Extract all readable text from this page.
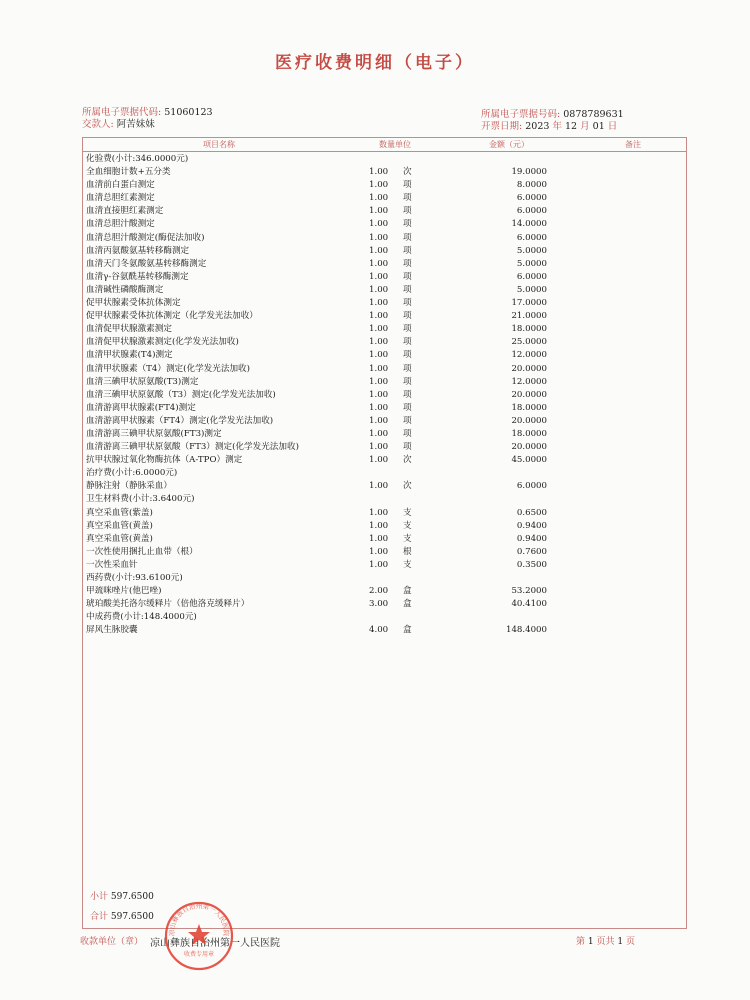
医疗收费明细（电子）
所属电子票据代码: 51060123
交款人: 阿苦妹妹
所属电子票据号码: 0878789631
开票日期: 2023 年 12 月 01 日
项目名称	数量单位	金额（元）	备注
化验费(小计:346.0000元)
全血细胞计数+五分类	1.00 次	19.0000
血清前白蛋白测定	1.00 项	8.0000
血清总胆红素测定	1.00 项	6.0000
血清直接胆红素测定	1.00 项	6.0000
血清总胆汁酸测定	1.00 项	14.0000
血清总胆汁酸测定(酶促法加收)	1.00 项	6.0000
血清丙氨酸氨基转移酶测定	1.00 项	5.0000
血清天门冬氨酸氨基转移酶测定	1.00 项	5.0000
血清γ-谷氨酰基转移酶测定	1.00 项	6.0000
血清碱性磷酸酶测定	1.00 项	5.0000
促甲状腺素受体抗体测定	1.00 项	17.0000
促甲状腺素受体抗体测定（化学发光法加收）	1.00 项	21.0000
血清促甲状腺激素测定	1.00 项	18.0000
血清促甲状腺激素测定(化学发光法加收)	1.00 项	25.0000
血清甲状腺素(T4)测定	1.00 项	12.0000
血清甲状腺素（T4）测定(化学发光法加收)	1.00 项	20.0000
血清三碘甲状原氨酸(T3)测定	1.00 项	12.0000
血清三碘甲状原氨酸（T3）测定(化学发光法加收)	1.00 项	20.0000
血清游离甲状腺素(FT4)测定	1.00 项	18.0000
血清游离甲状腺素（FT4）测定(化学发光法加收)	1.00 项	20.0000
血清游离三碘甲状原氨酸(FT3)测定	1.00 项	18.0000
血清游离三碘甲状原氨酸（FT3）测定(化学发光法加收)	1.00 项	20.0000
抗甲状腺过氧化物酶抗体（A-TPO）测定	1.00 次	45.0000
治疗费(小计:6.0000元)
静脉注射（静脉采血）	1.00 次	6.0000
卫生材料费(小计:3.6400元)
真空采血管(紫盖)	1.00 支	0.6500
真空采血管(黄盖)	1.00 支	0.9400
真空采血管(黄盖)	1.00 支	0.9400
一次性使用捆扎止血带（根）	1.00 根	0.7600
一次性采血针	1.00 支	0.3500
西药费(小计:93.6100元)
甲巯咪唑片(他巴唑)	2.00 盒	53.2000
琥珀酸美托洛尔缓释片（倍他洛克缓释片）	3.00 盒	40.4100
中成药费(小计:148.4000元)
屏风生脉胶囊	4.00 盒	148.4000
小计 597.6500
合计 597.6500
收款单位（章） 凉山彝族自治州第一人民医院	第 1 页共 1 页
凉山彝族自治州第一人民医院
收费专用章
